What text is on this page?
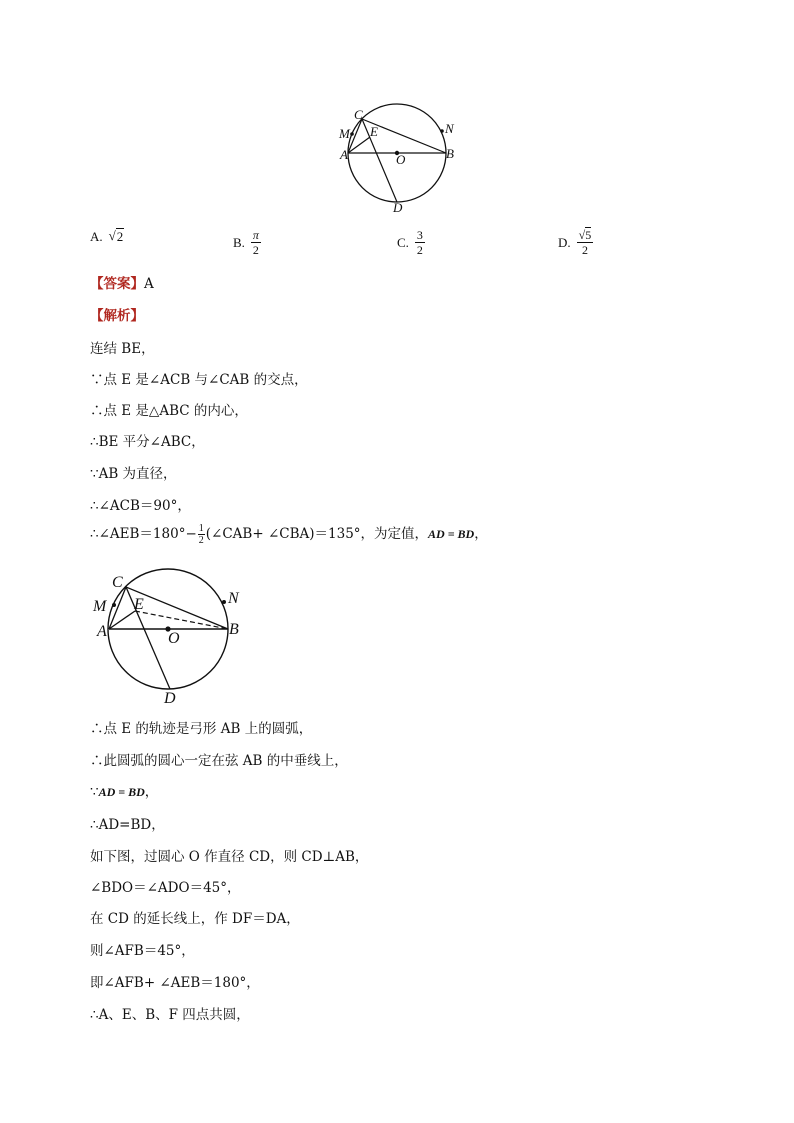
C
M E	N
A	O	B
D
A. √ 2	B. $\frac{\pi}{2}$	C. $\frac{3}{2}$	D. $\frac{√5}{2}$
【答案】A
【解析】
连结 BE，
∵点 E 是∠ACB 与∠CAB 的交点，
∴点 E 是△ABC 的内心，
∴BE 平分∠ABC，
∵AB 为直径，
∴∠ACB＝90°，
∴∠AEB＝180°− $\frac{1}{2}$ (∠CAB+ ∠CBA)＝135°，为定值，AD = BD，
C
M E	N
A	O
B
D
∴点 E 的轨迹是弓形 AB 上的圆弧，
∴此圆弧的圆心一定在弦 AB 的中垂线上，
∵AD = BD，
∴AD=BD，
如下图，过圆心 O 作直径 CD，则 CD⊥AB，
∠BDO＝∠ADO＝45°，
在 CD 的延长线上，作 DF＝DA，
则∠AFB＝45°，
即∠AFB+ ∠AEB＝180°，
∴A、E、B、F 四点共圆，
